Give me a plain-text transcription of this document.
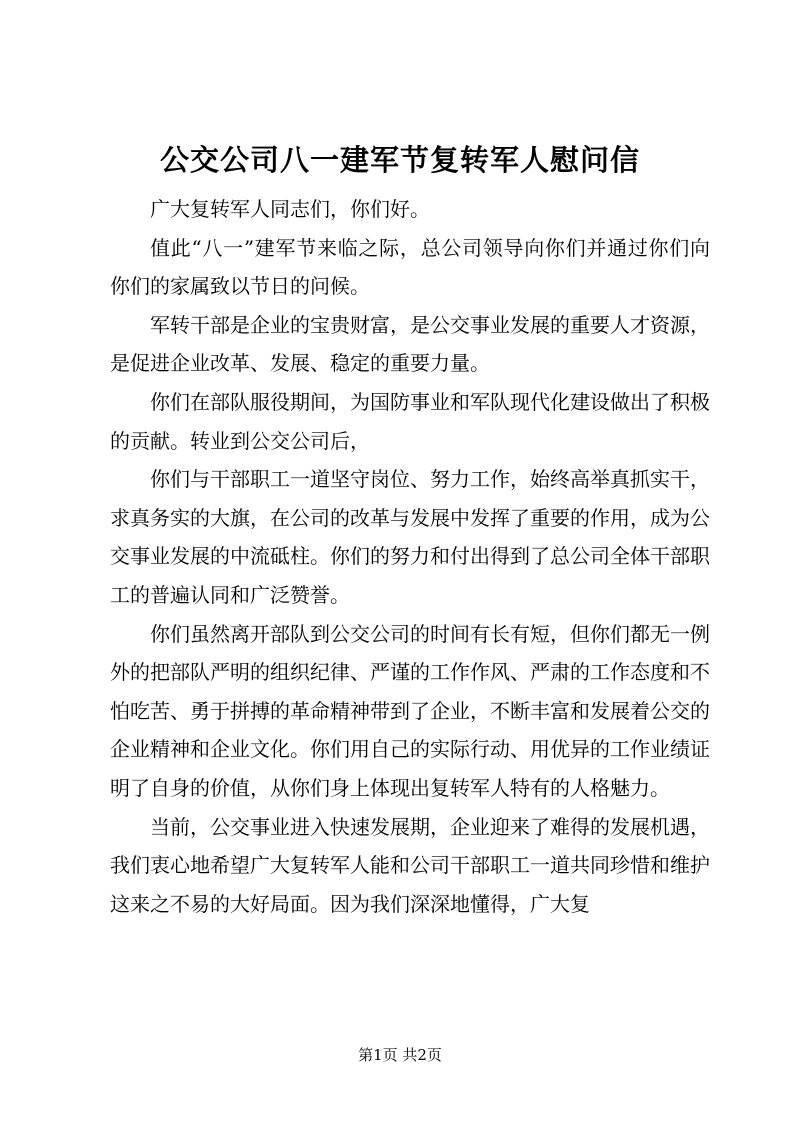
公交公司八一建军节复转军人慰问信

广大复转军人同志们，你们好。

值此“八一”建军节来临之际，总公司领导向你们并通过你们向你们的家属致以节日的问候。

军转干部是企业的宝贵财富，是公交事业发展的重要人才资源，是促进企业改革、发展、稳定的重要力量。

你们在部队服役期间，为国防事业和军队现代化建设做出了积极的贡献。转业到公交公司后，

你们与干部职工一道坚守岗位、努力工作，始终高举真抓实干，求真务实的大旗，在公司的改革与发展中发挥了重要的作用，成为公交事业发展的中流砥柱。你们的努力和付出得到了总公司全体干部职工的普遍认同和广泛赞誉。

你们虽然离开部队到公交公司的时间有长有短，但你们都无一例外的把部队严明的组织纪律、严谨的工作作风、严肃的工作态度和不怕吃苦、勇于拼搏的革命精神带到了企业，不断丰富和发展着公交的企业精神和企业文化。你们用自己的实际行动、用优异的工作业绩证明了自身的价值，从你们身上体现出复转军人特有的人格魅力。

当前，公交事业进入快速发展期，企业迎来了难得的发展机遇，我们衷心地希望广大复转军人能和公司干部职工一道共同珍惜和维护这来之不易的大好局面。因为我们深深地懂得，广大复

第1页 共2页
